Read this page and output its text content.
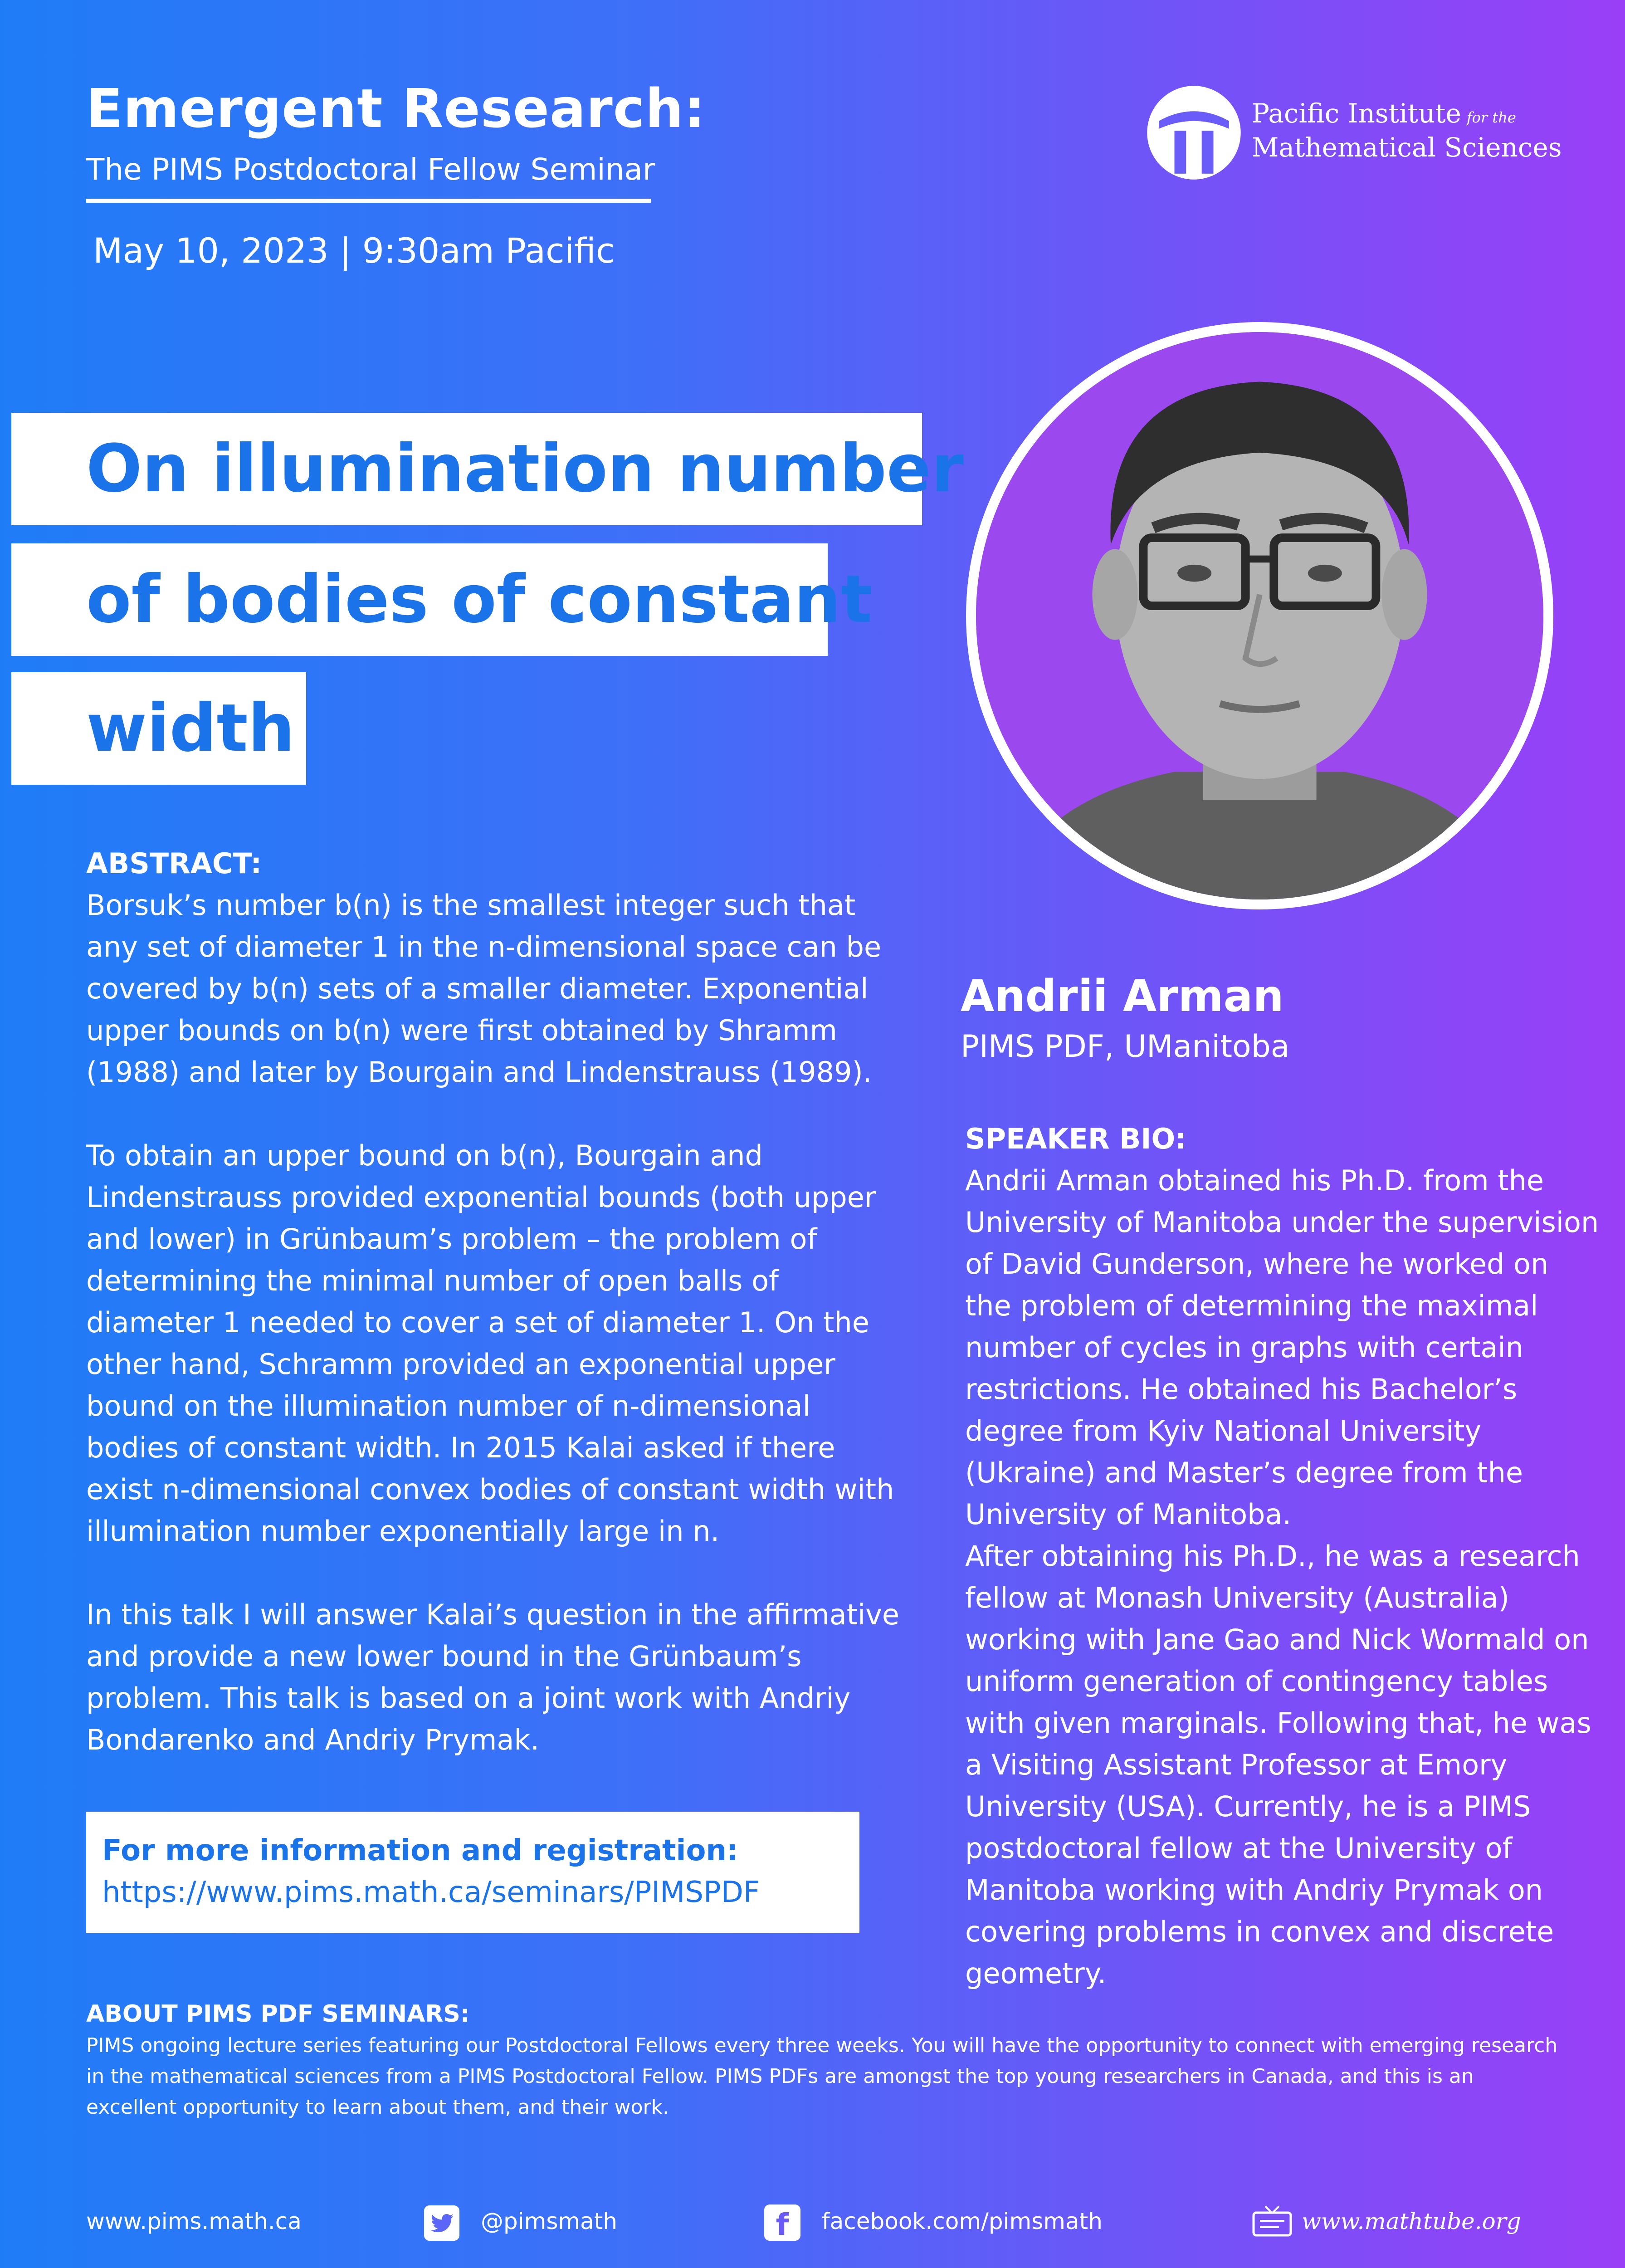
Emergent Research:
The PIMS Postdoctoral Fellow Seminar
May 10, 2023 | 9:30am Pacific
Pacific Institute for the
Mathematical Sciences
On illumination number
of bodies of constant
width
ABSTRACT:

Borsuk’s number b(n) is the smallest integer such that any set of diameter 1 in the n-dimensional space can be covered by b(n) sets of a smaller diameter. Exponential upper bounds on b(n) were first obtained by Shramm (1988) and later by Bourgain and Lindenstrauss (1989).

To obtain an upper bound on b(n), Bourgain and Lindenstrauss provided exponential bounds (both upper and lower) in Grünbaum’s problem – the problem of determining the minimal number of open balls of diameter 1 needed to cover a set of diameter 1. On the other hand, Schramm provided an exponential upper bound on the illumination number of n-dimensional bodies of constant width. In 2015 Kalai asked if there exist n-dimensional convex bodies of constant width with illumination number exponentially large in n.

In this talk I will answer Kalai’s question in the affirmative and provide a new lower bound in the Grünbaum’s problem. This talk is based on a joint work with Andriy Bondarenko and Andriy Prymak.

For more information and registration:
https://www.pims.math.ca/seminars/PIMSPDF
Andrii Arman
PIMS PDF, UManitoba
SPEAKER BIO:
Andrii Arman obtained his Ph.D. from the University of Manitoba under the supervision of David Gunderson, where he worked on the problem of determining the maximal number of cycles in graphs with certain restrictions. He obtained his Bachelor’s degree from Kyiv National University (Ukraine) and Master’s degree from the University of Manitoba.
After obtaining his Ph.D., he was a research fellow at Monash University (Australia) working with Jane Gao and Nick Wormald on uniform generation of contingency tables with given marginals. Following that, he was a Visiting Assistant Professor at Emory University (USA). Currently, he is a PIMS postdoctoral fellow at the University of Manitoba working with Andriy Prymak on covering problems in convex and discrete geometry.
ABOUT PIMS PDF SEMINARS:
PIMS ongoing lecture series featuring our Postdoctoral Fellows every three weeks. You will have the opportunity to connect with emerging research in the mathematical sciences from a PIMS Postdoctoral Fellow. PIMS PDFs are amongst the top young researchers in Canada, and this is an excellent opportunity to learn about them, and their work.
www.pims.math.ca	@pimsmath	f	facebook.com/pimsmath	www.mathtube.org
